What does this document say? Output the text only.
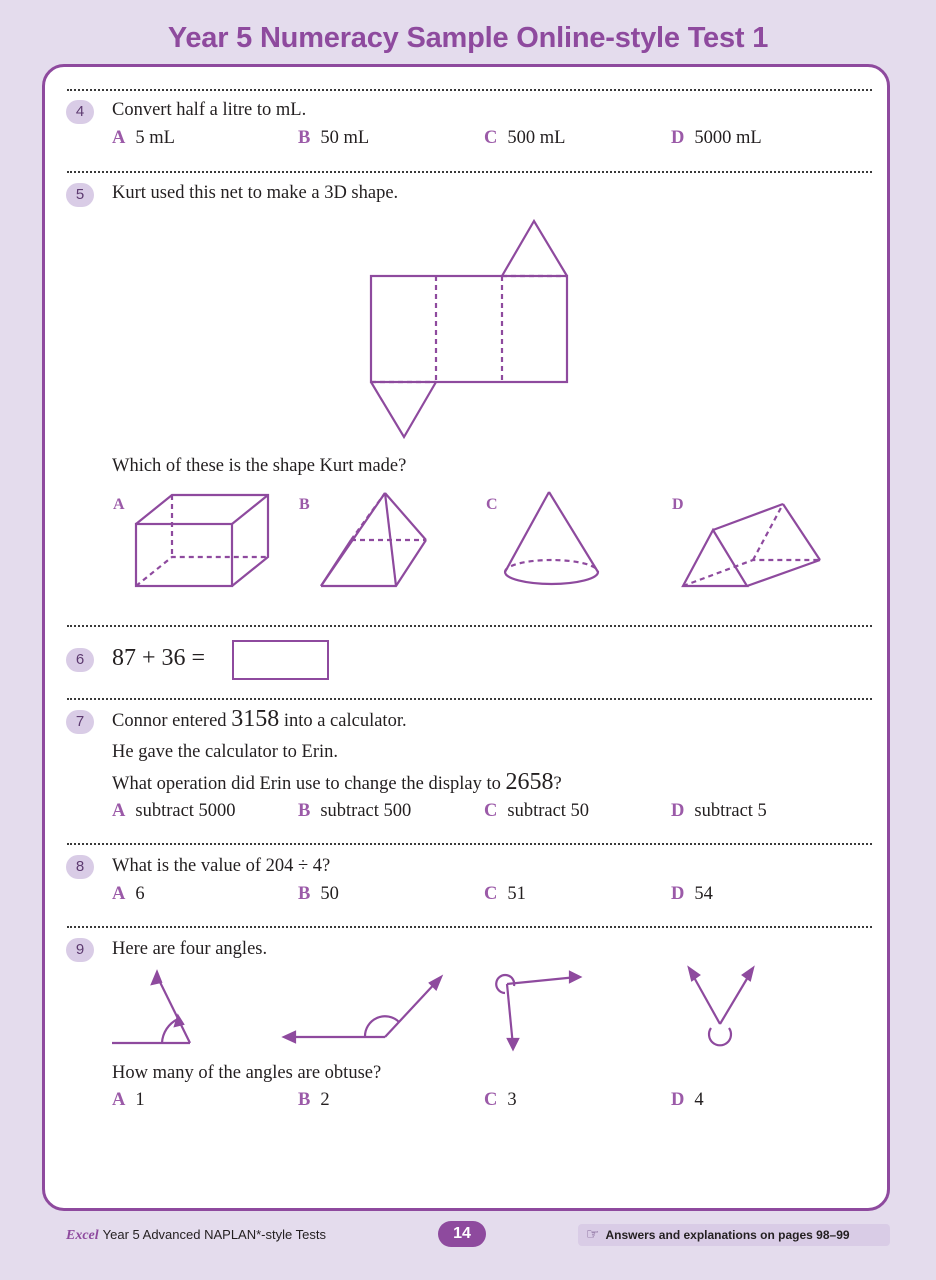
Year 5 Numeracy Sample Online-style Test 1
4	Convert half a litre to mL.
A 5 mL	B 50 mL	C 500 mL	D 5000 mL
5	Kurt used this net to make a 3D shape.
Which of these is the shape Kurt made?
A	B	C	D
6	87 + 36 =
7	Connor entered 3158 into a calculator.
He gave the calculator to Erin.
What operation did Erin use to change the display to 2658?
A subtract 5000	B subtract 500	C subtract 50	D subtract 5
8	What is the value of 204 ÷ 4?
A 6	B 50	C 51	D 54
9	Here are four angles.
How many of the angles are obtuse?
A 1	B 2	C 3	D 4
Excel Year 5 Advanced NAPLAN*-style Tests	14	☞ Answers and explanations on pages 98–99
